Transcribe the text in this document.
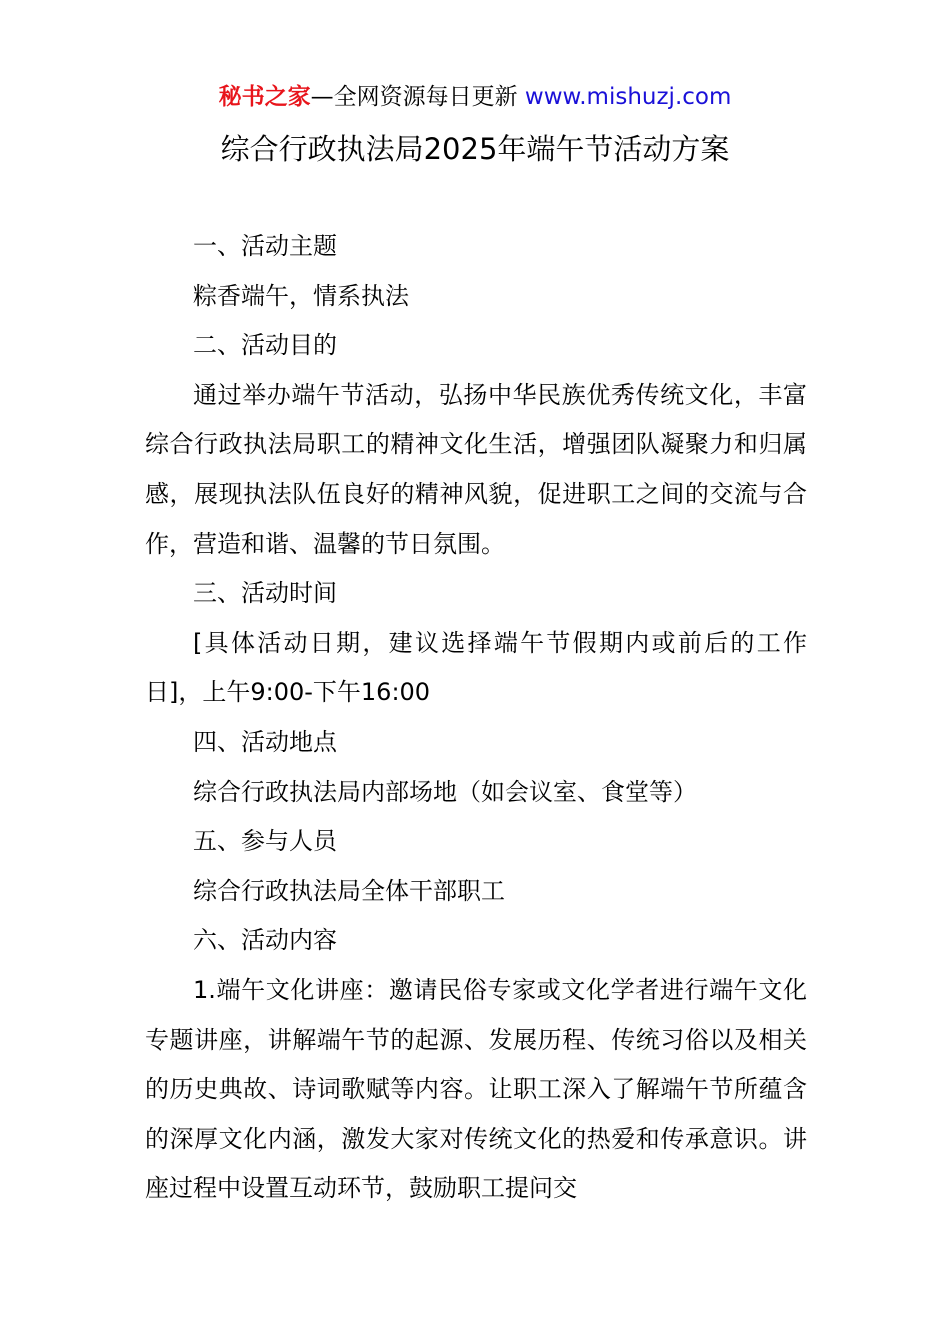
秘书之家—全网资源每日更新 www.mishuzj.com
综合行政执法局2025年端午节活动方案

一、活动主题

粽香端午，情系执法

二、活动目的

通过举办端午节活动，弘扬中华民族优秀传统文化，丰富综合行政执法局职工的精神文化生活，增强团队凝聚力和归属感，展现执法队伍良好的精神风貌，促进职工之间的交流与合作，营造和谐、温馨的节日氛围。

三、活动时间

[具体活动日期，建议选择端午节假期内或前后的工作日]，上午9:00-下午16:00

四、活动地点

综合行政执法局内部场地（如会议室、食堂等）

五、参与人员

综合行政执法局全体干部职工

六、活动内容

1.端午文化讲座：邀请民俗专家或文化学者进行端午文化专题讲座，讲解端午节的起源、发展历程、传统习俗以及相关的历史典故、诗词歌赋等内容。让职工深入了解端午节所蕴含的深厚文化内涵，激发大家对传统文化的热爱和传承意识。讲座过程中设置互动环节，鼓励职工提问交
